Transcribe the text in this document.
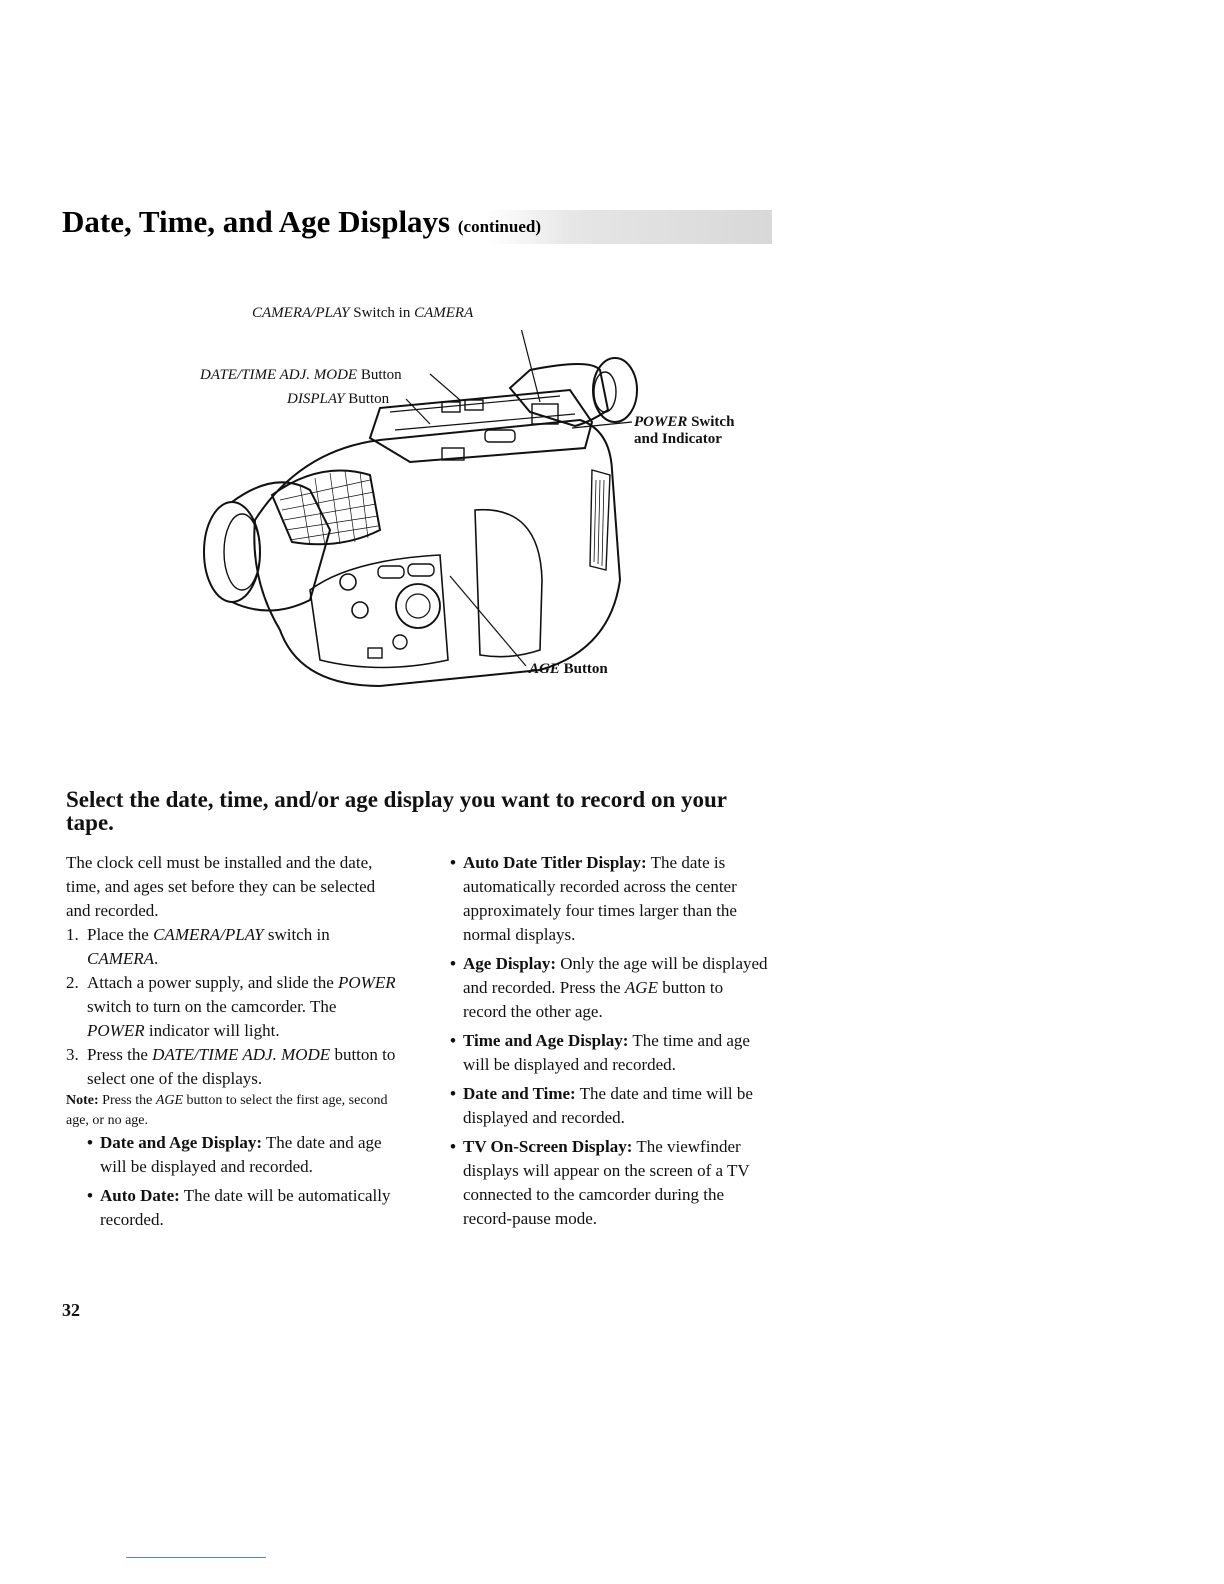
Date, Time, and Age Displays (continued)
CAMERA/PLAY Switch in CAMERA
DATE/TIME ADJ. MODE Button
DISPLAY Button
POWER Switch
and Indicator
AGE Button
Select the date, time, and/or age display you want to record on your tape.

The clock cell must be installed and the date, time, and ages set before they can be selected and recorded.

1. Place the CAMERA/PLAY switch in CAMERA.
2. Attach a power supply, and slide the POWER switch to turn on the camcorder. The POWER indicator will light.
3. Press the DATE/TIME ADJ. MODE button to select one of the displays.

Note: Press the AGE button to select the first age, second age, or no age.

• Date and Age Display: The date and age will be displayed and recorded.
• Auto Date: The date will be automatically recorded.
• Auto Date Titler Display: The date is automatically recorded across the center approximately four times larger than the normal displays.
• Age Display: Only the age will be displayed and recorded. Press the AGE button to record the other age.
• Time and Age Display: The time and age will be displayed and recorded.
• Date and Time: The date and time will be displayed and recorded.
• TV On-Screen Display: The viewfinder displays will appear on the screen of a TV connected to the camcorder during the record-pause mode.
32
